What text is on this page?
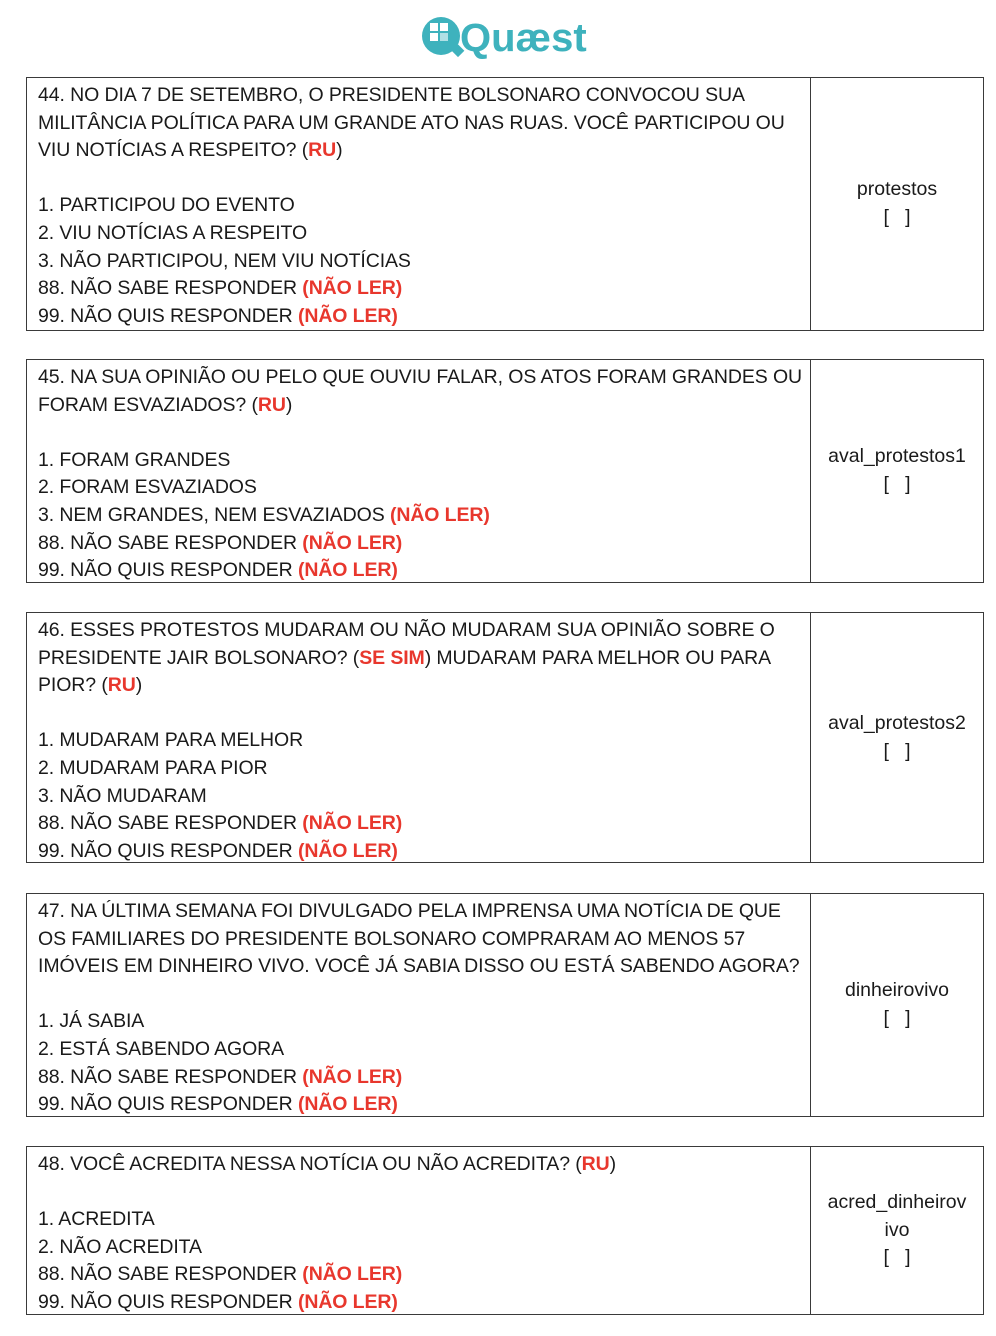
Quæst
44. NO DIA 7 DE SETEMBRO, O PRESIDENTE BOLSONARO CONVOCOU SUA
MILITÂNCIA POLÍTICA PARA UM GRANDE ATO NAS RUAS. VOCÊ PARTICIPOU OU
VIU NOTÍCIAS A RESPEITO? (RU)
1. PARTICIPOU DO EVENTO
2. VIU NOTÍCIAS A RESPEITO
3. NÃO PARTICIPOU, NEM VIU NOTÍCIAS
88. NÃO SABE RESPONDER (NÃO LER)
99. NÃO QUIS RESPONDER (NÃO LER)
protestos
[   ]
45. NA SUA OPINIÃO OU PELO QUE OUVIU FALAR, OS ATOS FORAM GRANDES OU
FORAM ESVAZIADOS? (RU)
1. FORAM GRANDES
2. FORAM ESVAZIADOS
3. NEM GRANDES, NEM ESVAZIADOS (NÃO LER)
88. NÃO SABE RESPONDER (NÃO LER)
99. NÃO QUIS RESPONDER (NÃO LER)
aval_protestos1
[   ]
46. ESSES PROTESTOS MUDARAM OU NÃO MUDARAM SUA OPINIÃO SOBRE O
PRESIDENTE JAIR BOLSONARO? (SE SIM) MUDARAM PARA MELHOR OU PARA
PIOR? (RU)
1. MUDARAM PARA MELHOR
2. MUDARAM PARA PIOR
3. NÃO MUDARAM
88. NÃO SABE RESPONDER (NÃO LER)
99. NÃO QUIS RESPONDER (NÃO LER)
aval_protestos2
[   ]
47. NA ÚLTIMA SEMANA FOI DIVULGADO PELA IMPRENSA UMA NOTÍCIA DE QUE
OS FAMILIARES DO PRESIDENTE BOLSONARO COMPRARAM AO MENOS 57
IMÓVEIS EM DINHEIRO VIVO. VOCÊ JÁ SABIA DISSO OU ESTÁ SABENDO AGORA?
1. JÁ SABIA
2. ESTÁ SABENDO AGORA
88. NÃO SABE RESPONDER (NÃO LER)
99. NÃO QUIS RESPONDER (NÃO LER)
dinheirovivo
[   ]
48. VOCÊ ACREDITA NESSA NOTÍCIA OU NÃO ACREDITA? (RU)
1. ACREDITA
2. NÃO ACREDITA
88. NÃO SABE RESPONDER (NÃO LER)
99. NÃO QUIS RESPONDER (NÃO LER)
acred_dinheirov
ivo
[   ]
